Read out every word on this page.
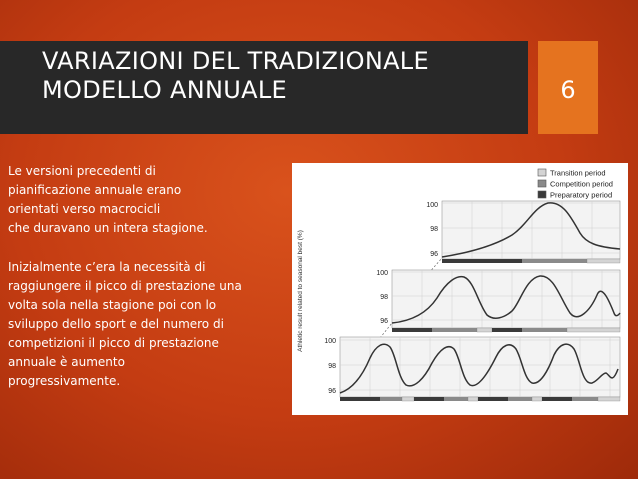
VARIAZIONI DEL TRADIZIONALE
MODELLO ANNUALE	6
Le versioni precedenti di
pianificazione annuale erano
orientati verso macrocicli
che duravano un intera stagione.
Inizialmente c’era la necessità di
raggiungere il picco di prestazione una
volta sola nella stagione poi con lo
sviluppo dello sport e del numero di
competizioni il picco di prestazione
annuale è aumento
progressivamente.
Transition period
Competition period
Preparatory period
Athletic result related to seasonal best (%)
100
98
96
100
98
96
100
98
96
